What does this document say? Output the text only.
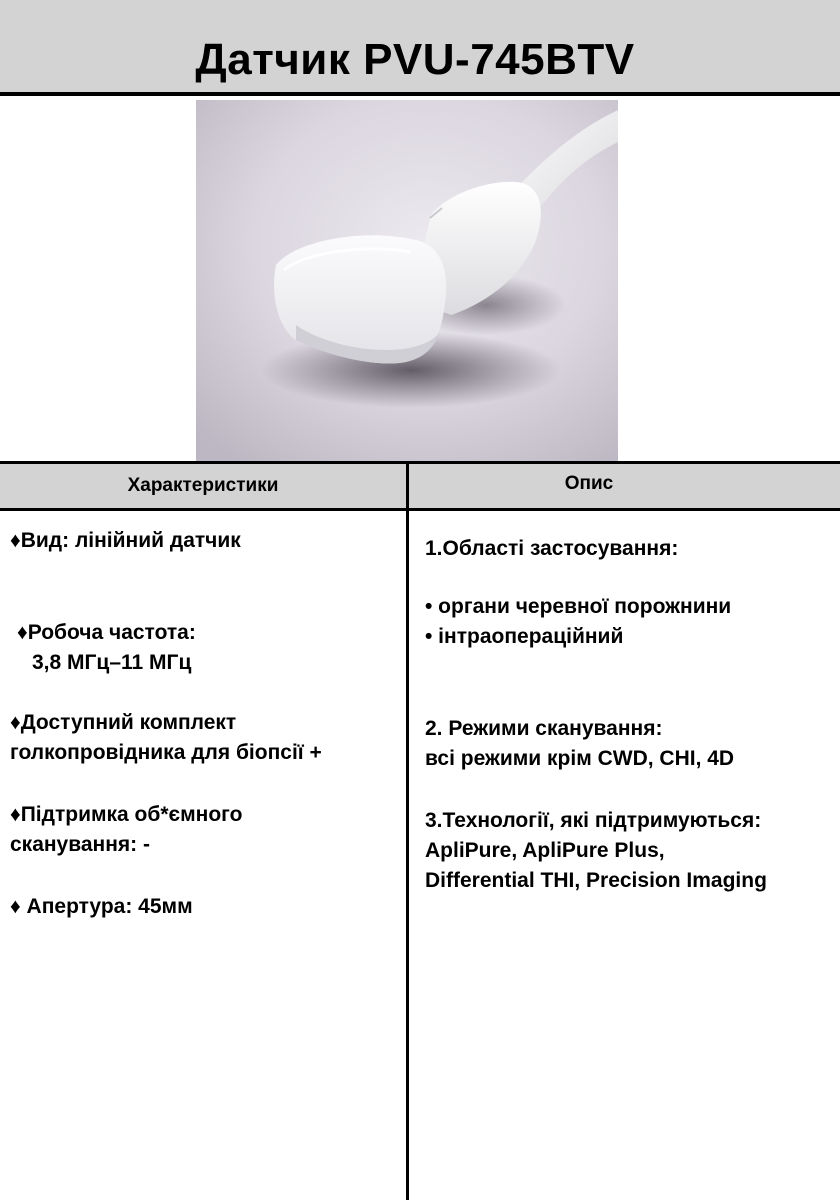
Датчик PVU-745BTV
Характеристики	Опис
♦Вид: лінійний датчик
♦Робоча частота:
3,8 МГц–11 МГц
♦Доступний комплект
голкопровідника для біопсії +
♦Підтримка об*ємного
сканування: -
♦ Апертура: 45мм
1.Області застосування:
• органи черевної порожнини
• інтраопераційний
2. Режими сканування:
всі режими крім CWD, CHI, 4D
3.Технології, які підтримуються:
ApliPure, ApliPure Plus,
Differential THI, Precision Imaging
